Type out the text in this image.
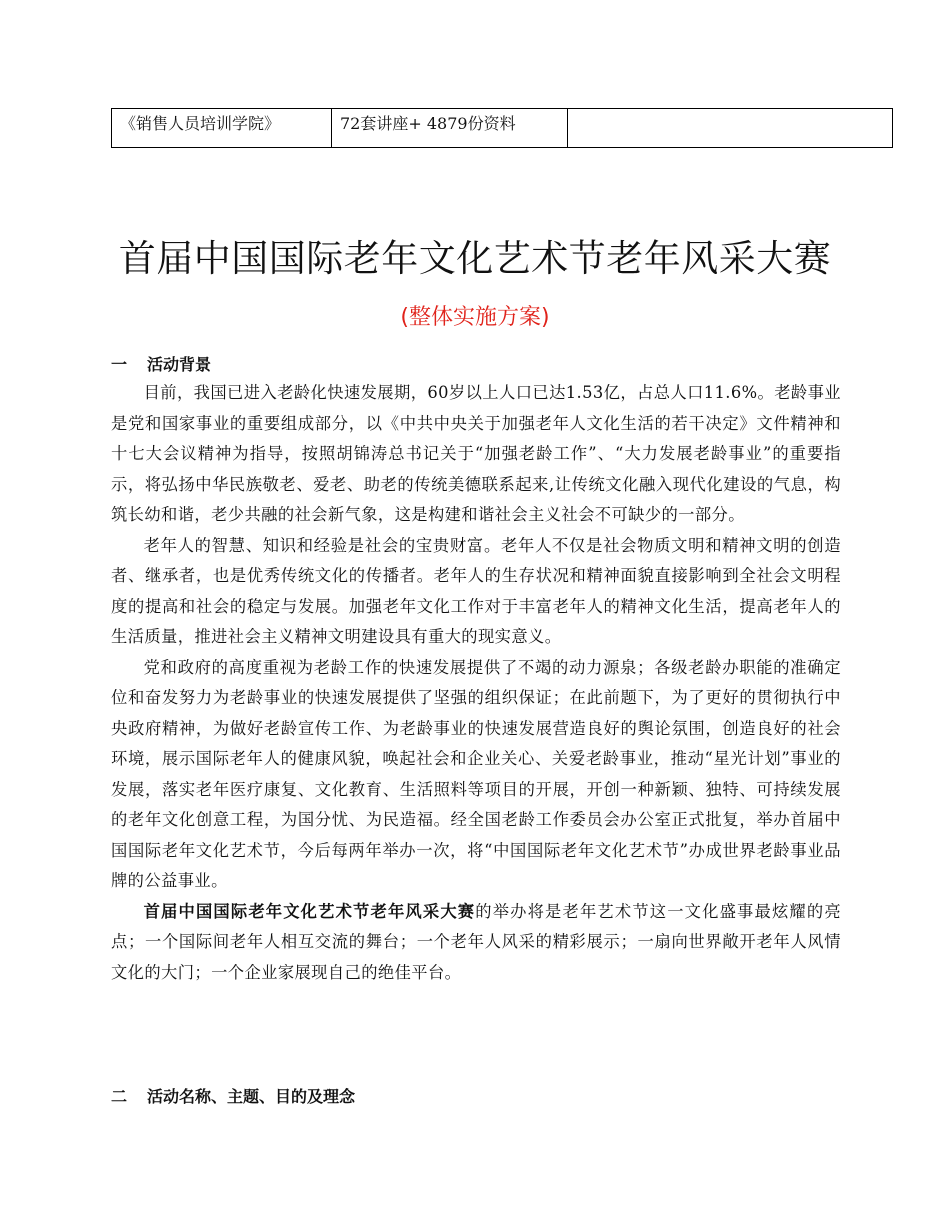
《销售人员培训学院》	72套讲座+ 4879份资料	
首届中国国际老年文化艺术节老年风采大赛
(整体实施方案)
一 活动背景

目前，我国已进入老龄化快速发展期，60岁以上人口已达1.53亿，占总人口11.6%。老龄事业是党和国家事业的重要组成部分，以《中共中央关于加强老年人文化生活的若干决定》文件精神和十七大会议精神为指导，按照胡锦涛总书记关于“加强老龄工作”、“大力发展老龄事业”的重要指示，将弘扬中华民族敬老、爱老、助老的传统美德联系起来,让传统文化融入现代化建设的气息，构筑长幼和谐，老少共融的社会新气象，这是构建和谐社会主义社会不可缺少的一部分。

老年人的智慧、知识和经验是社会的宝贵财富。老年人不仅是社会物质文明和精神文明的创造者、继承者，也是优秀传统文化的传播者。老年人的生存状况和精神面貌直接影响到全社会文明程度的提高和社会的稳定与发展。加强老年文化工作对于丰富老年人的精神文化生活，提高老年人的生活质量，推进社会主义精神文明建设具有重大的现实意义。

党和政府的高度重视为老龄工作的快速发展提供了不竭的动力源泉；各级老龄办职能的准确定位和奋发努力为老龄事业的快速发展提供了坚强的组织保证；在此前题下，为了更好的贯彻执行中央政府精神，为做好老龄宣传工作、为老龄事业的快速发展营造良好的舆论氛围，创造良好的社会环境，展示国际老年人的健康风貌，唤起社会和企业关心、关爱老龄事业，推动“星光计划”事业的发展，落实老年医疗康复、文化教育、生活照料等项目的开展，开创一种新颖、独特、可持续发展的老年文化创意工程，为国分忧、为民造福。经全国老龄工作委员会办公室正式批复，举办首届中国国际老年文化艺术节，今后每两年举办一次，将“中国国际老年文化艺术节”办成世界老龄事业品牌的公益事业。

首届中国国际老年文化艺术节老年风采大赛的举办将是老年艺术节这一文化盛事最炫耀的亮点；一个国际间老年人相互交流的舞台；一个老年人风采的精彩展示；一扇向世界敞开老年人风情文化的大门；一个企业家展现自己的绝佳平台。

二 活动名称、主题、目的及理念
